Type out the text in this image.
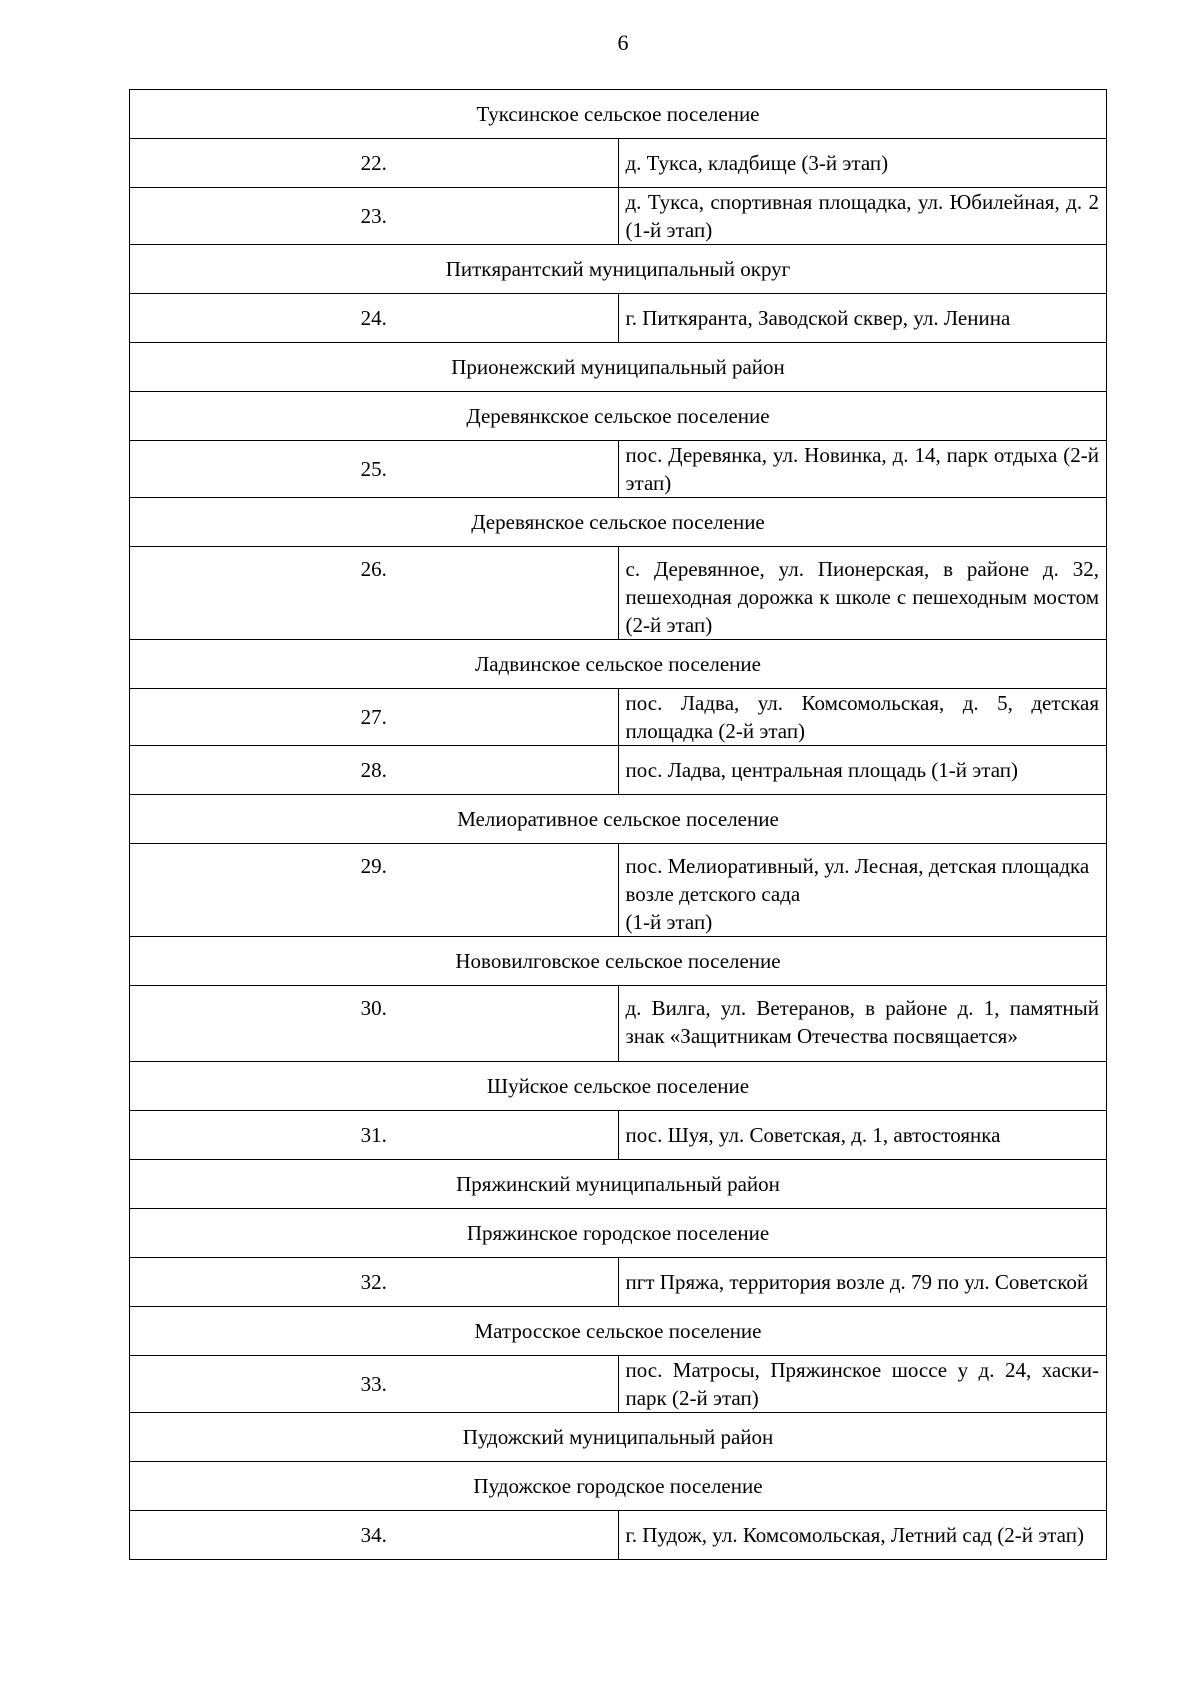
6
Туксинское сельское поселение	
22.	д. Тукса, кладбище (3-й этап)
23.	д. Тукса, спортивная площадка, ул. Юбилейная, д. 2 (1-й этап)
Питкярантский муниципальный округ	
24.	г. Питкяранта, Заводской сквер, ул. Ленина
Прионежский муниципальный район	
Деревянкское сельское поселение	
25.	пос. Деревянка, ул. Новинка, д. 14, парк отдыха (2-й этап)
Деревянское сельское поселение	
26.	с. Деревянное, ул. Пионерская, в районе д. 32, пешеходная дорожка к школе с пешеходным мостом (2-й этап)
Ладвинское сельское поселение	
27.	пос. Ладва, ул. Комсомольская, д. 5, детская площадка (2-й этап)
28.	пос. Ладва, центральная площадь (1-й этап)
Мелиоративное сельское поселение	
29.	пос. Мелиоративный, ул. Лесная, детская площадка возле детского сада
(1-й этап)

Нововилговское сельское поселение	
30.	д. Вилга, ул. Ветеранов, в районе д. 1, памятный знак «Защитникам Отечества посвящается»
Шуйское сельское поселение	
31.	пос. Шуя, ул. Советская, д. 1, автостоянка
Пряжинский муниципальный район	
Пряжинское городское поселение	
32.	пгт Пряжа, территория возле д. 79 по ул. Советской
Матросское сельское поселение	
33.	пос. Матросы, Пряжинское шоссе у д. 24, хаски-парк (2-й этап)
Пудожский муниципальный район	
Пудожское городское поселение	
34.	г. Пудож, ул. Комсомольская, Летний сад (2-й этап)
